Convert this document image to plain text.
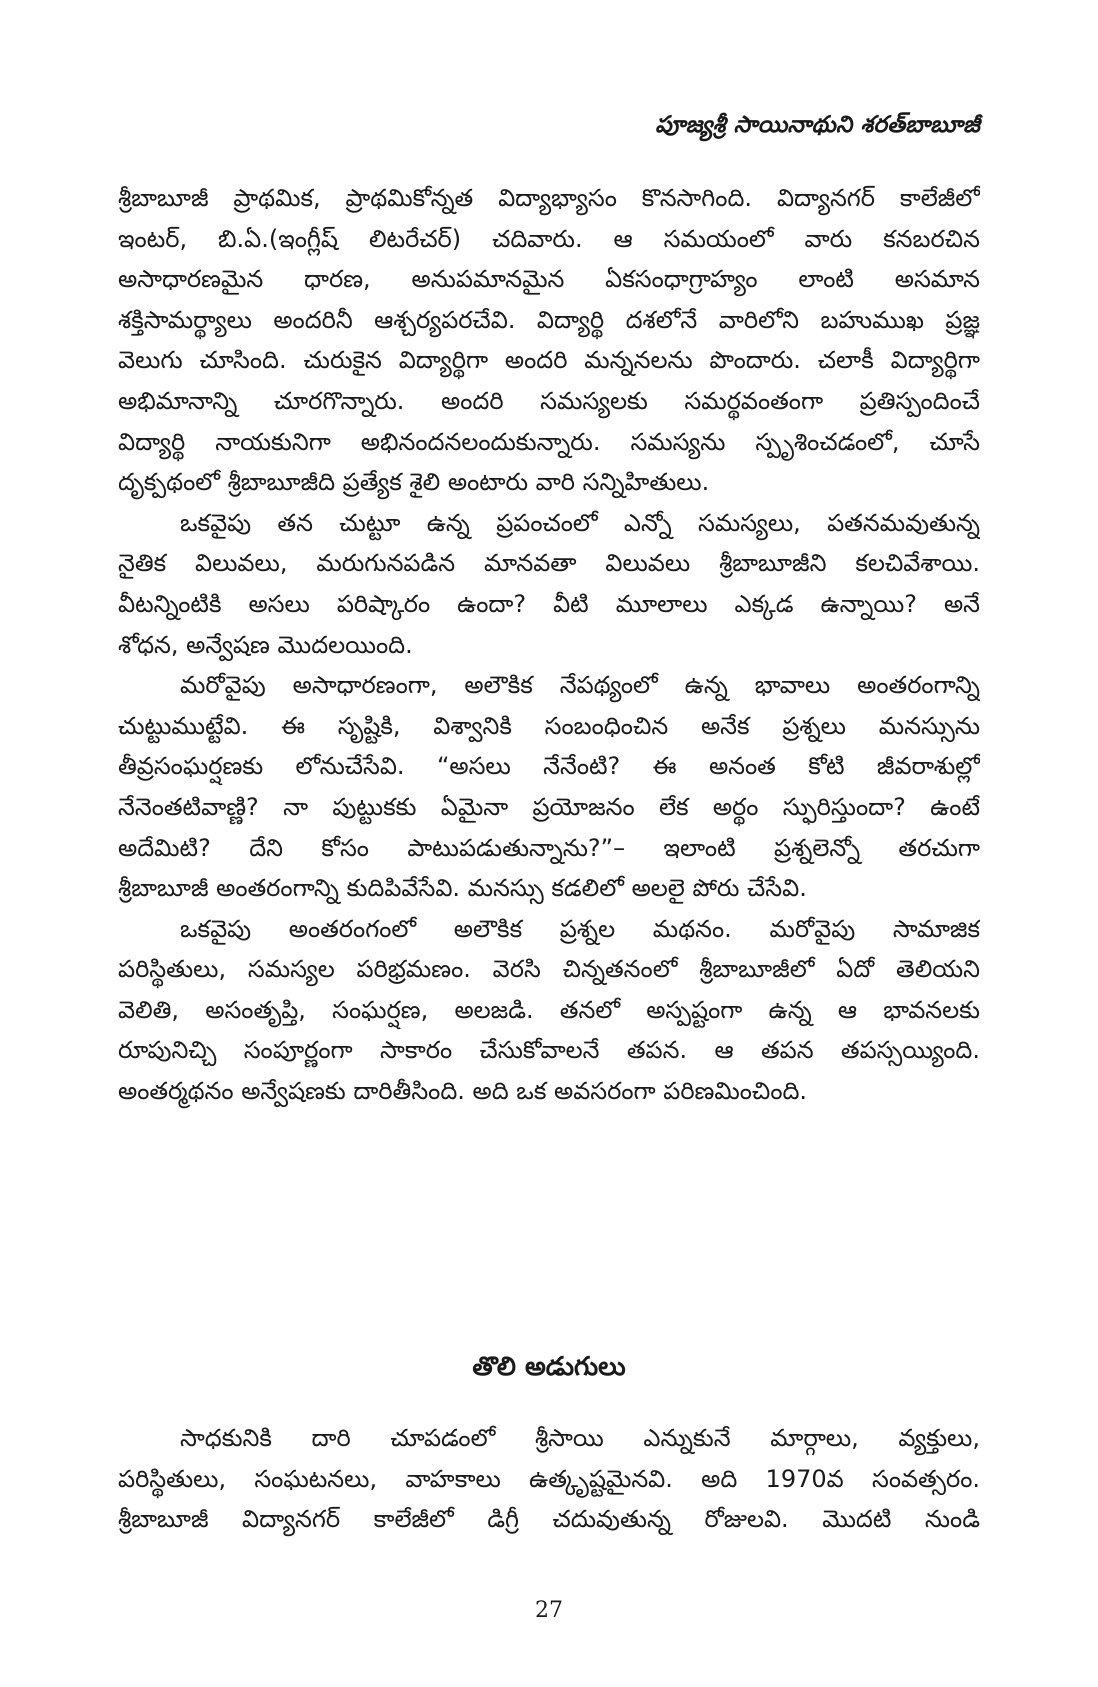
పూజ్యశ్రీ సాయినాథుని శరత్‌బాబూజీ
శ్రీబాబూజీ ప్రాథమిక, ప్రాథమికోన్నత విద్యాభ్యాసం కొనసాగింది. విద్యానగర్ కాలేజీలో
ఇంటర్, బి.ఏ.(ఇంగ్లీష్ లిటరేచర్) చదివారు. ఆ సమయంలో వారు కనబరచిన
అసాధారణమైన ధారణ, అనుపమానమైన ఏకసంధాగ్రాహ్యం లాంటి అసమాన
శక్తిసామర్థ్యాలు అందరినీ ఆశ్చర్యపరచేవి. విద్యార్థి దశలోనే వారిలోని బహుముఖ ప్రజ్ఞ
వెలుగు చూసింది. చురుకైన విద్యార్థిగా అందరి మన్ననలను పొందారు. చలాకీ విద్యార్థిగా
అభిమానాన్ని చూరగొన్నారు. అందరి సమస్యలకు సమర్థవంతంగా ప్రతిస్పందించే
విద్యార్థి నాయకునిగా అభినందనలందుకున్నారు. సమస్యను స్పృశించడంలో, చూసే
దృక్పథంలో శ్రీబాబూజీది ప్రత్యేక శైలి అంటారు వారి సన్నిహితులు.
ఒకవైపు తన చుట్టూ ఉన్న ప్రపంచంలో ఎన్నో సమస్యలు, పతనమవుతున్న
నైతిక విలువలు, మరుగునపడిన మానవతా విలువలు శ్రీబాబూజీని కలచివేశాయి.
వీటన్నింటికి అసలు పరిష్కారం ఉందా? వీటి మూలాలు ఎక్కడ ఉన్నాయి? అనే
శోధన, అన్వేషణ మొదలయింది.
మరోవైపు అసాధారణంగా, అలౌకిక నేపథ్యంలో ఉన్న భావాలు అంతరంగాన్ని
చుట్టుముట్టేవి. ఈ సృష్టికి, విశ్వానికి సంబంధించిన అనేక ప్రశ్నలు మనస్సును
తీవ్రసంఘర్షణకు లోనుచేసేవి. “అసలు నేనేంటి? ఈ అనంత కోటి జీవరాశుల్లో
నేనెంతటివాణ్ణి? నా పుట్టుకకు ఏమైనా ప్రయోజనం లేక అర్థం స్ఫురిస్తుందా? ఉంటే
అదేమిటి? దేని కోసం పాటుపడుతున్నాను?”– ఇలాంటి ప్రశ్నలెన్నో తరచుగా
శ్రీబాబూజీ అంతరంగాన్ని కుదిపివేసేవి. మనస్సు కడలిలో అలలై పోరు చేసేవి.
ఒకవైపు అంతరంగంలో అలౌకిక ప్రశ్నల మథనం. మరోవైపు సామాజిక
పరిస్థితులు, సమస్యల పరిభ్రమణం. వెరసి చిన్నతనంలో శ్రీబాబూజీలో ఏదో తెలియని
వెలితి, అసంతృప్తి, సంఘర్షణ, అలజడి. తనలో అస్పష్టంగా ఉన్న ఆ భావనలకు
రూపునిచ్చి సంపూర్ణంగా సాకారం చేసుకోవాలనే తపన. ఆ తపన తపస్సయ్యింది.
అంతర్మథనం అన్వేషణకు దారితీసింది. అది ఒక అవసరంగా పరిణమించింది.
తొలి అడుగులు
సాధకునికి దారి చూపడంలో శ్రీసాయి ఎన్నుకునే మార్గాలు, వ్యక్తులు,
పరిస్థితులు, సంఘటనలు, వాహకాలు ఉత్కృష్టమైనవి. అది 1970వ సంవత్సరం.
శ్రీబాబూజీ విద్యానగర్ కాలేజీలో డిగ్రీ చదువుతున్న రోజులవి. మొదటి నుండి
27
